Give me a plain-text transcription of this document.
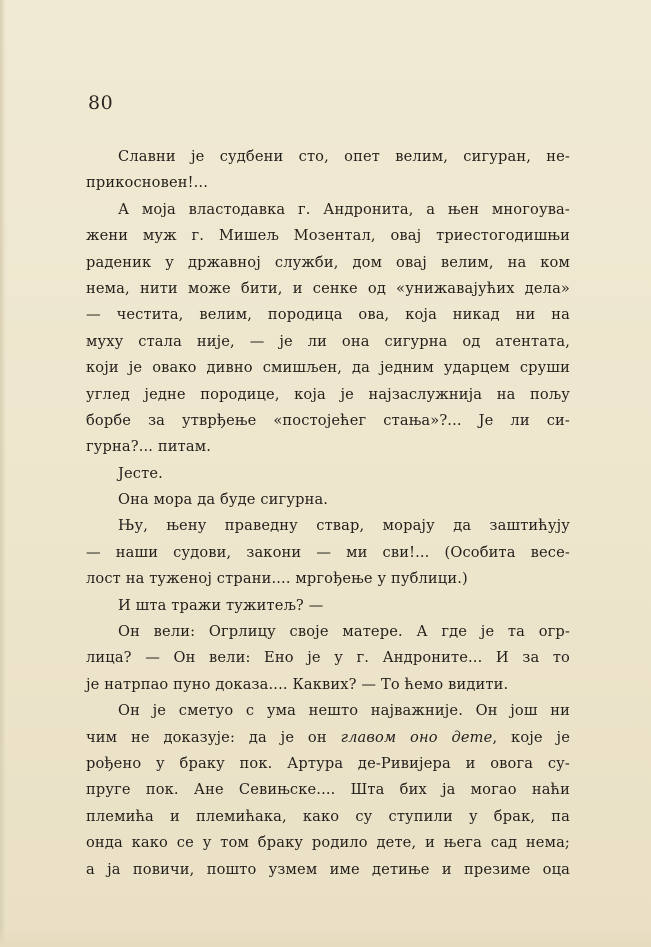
80
Славни је судбени сто, опет велим, сигуран, не-
прикосновен!...
А моја властодавка г. Андронита, а њен многоува-
жени муж г. Мишељ Мозентал, овај триестогодишњи
раденик у државној служби, дом овај велим, на ком
нема, нити може бити, и сенке од «унижавајућих дела»
— честита, велим, породица ова, која никад ни на
муху стала није, — је ли она сигурна од атентата,
који је овако дивно смишљен, да једним ударцем сруши
углед једне породице, која је најзаслужнија на пољу
борбе за утврђење «постојећег стања»?... Је ли си-
гурна?... питам.
Јесте.
Она мора да буде сигурна.
Њу, њену праведну ствар, морају да заштићују
— наши судови, закони — ми сви!... (Особита весе-
лост на туженој страни.... мргођење у публици.)
И шта тражи тужитељ? —
Он вели: Огрлицу своје матере. А где је та огр-
лица? — Он вели: Ено је у г. Андроните... И за то
је натрпао пуно доказа.... Каквих? — То ћемо видити.
Он је сметуо с ума нешто најважније. Он још ни
чим не доказује: да је он главом оно дете, које је
рођено у браку пок. Артура де-Ривијера и овога су-
пруге пок. Ане Севињске.... Шта бих ја могао наћи
племића и племићака, како су ступили у брак, па
онда како се у том браку родило дете, и њега сад нема;
а ја повичи, пошто узмем име детиње и презиме оца
